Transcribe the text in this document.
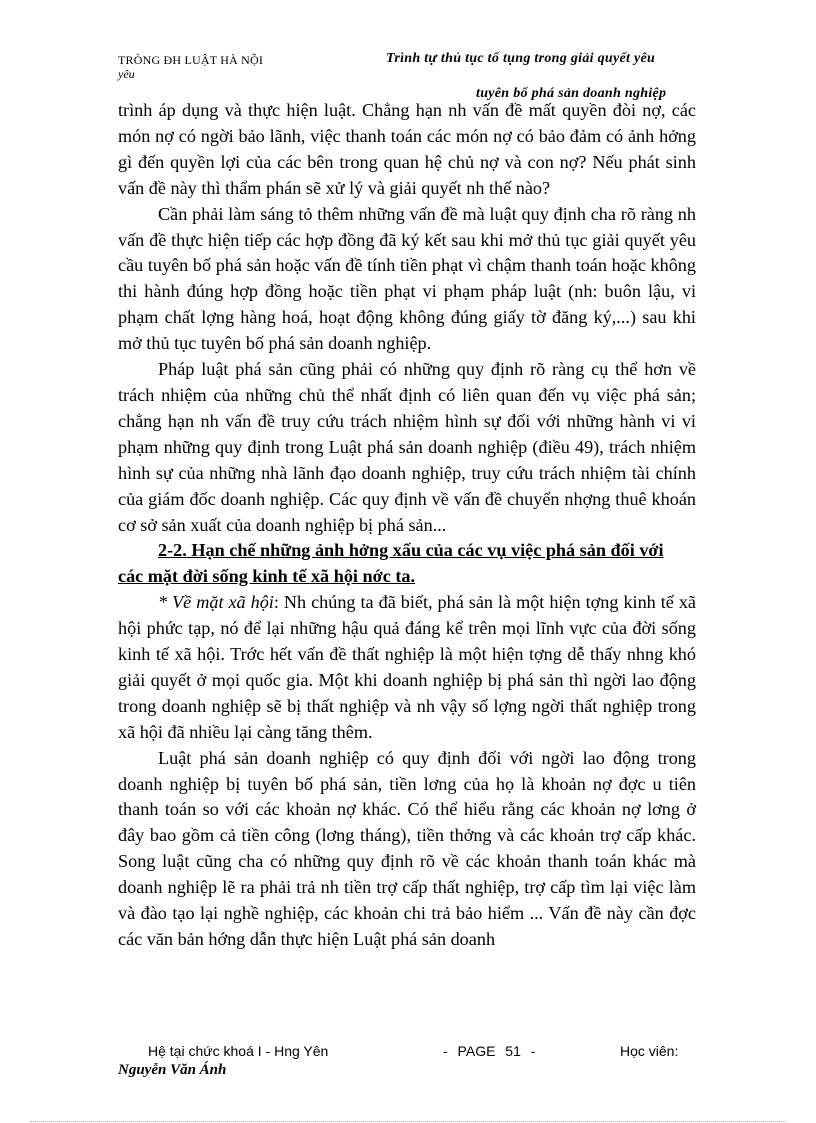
TRÒNG ĐH LUẬT HÀ NỘI
yêu
Trình tự thủ tục tố tụng trong giải quyết yêu
tuyên bố phá sản doanh nghiệp

trình áp dụng và thực hiện luật. Chẳng hạn nh vấn đề mất quyền đòi nợ, các món nợ có ngời bảo lãnh, việc thanh toán các món nợ có bảo đảm có ảnh hởng gì đến quyền lợi của các bên trong quan hệ chủ nợ và con nợ? Nếu phát sinh vấn đề này thì thẩm phán sẽ xử lý và giải quyết nh thế nào?

Cần phải làm sáng tỏ thêm những vấn đề mà luật quy định cha rõ ràng nh vấn đề thực hiện tiếp các hợp đồng đã ký kết sau khi mở thủ tục giải quyết yêu cầu tuyên bố phá sản hoặc vấn đề tính tiền phạt vì chậm thanh toán hoặc không thi hành đúng hợp đồng hoặc tiền phạt vi phạm pháp luật (nh: buôn lậu, vi phạm chất lợng hàng hoá, hoạt động không đúng giấy tờ đăng ký,...) sau khi mở thủ tục tuyên bố phá sản doanh nghiệp.

Pháp luật phá sản cũng phải có những quy định rõ ràng cụ thể hơn về trách nhiệm của những chủ thể nhất định có liên quan đến vụ việc phá sản; chẳng hạn nh vấn đề truy cứu trách nhiệm hình sự đối với những hành vi vi phạm những quy định trong Luật phá sản doanh nghiệp (điều 49), trách nhiệm hình sự của những nhà lãnh đạo doanh nghiệp, truy cứu trách nhiệm tài chính của giám đốc doanh nghiệp. Các quy định về vấn đề chuyển nhợng thuê khoán cơ sở sản xuất của doanh nghiệp bị phá sản...

2-2. Hạn chế những ảnh hởng xấu của các vụ việc phá sản đối với

các mặt đời sống kinh tế xã hội nớc ta.

* Về mặt xã hội: Nh chúng ta đã biết, phá sản là một hiện tợng kinh tế xã hội phức tạp, nó để lại những hậu quả đáng kể trên mọi lĩnh vực của đời sống kinh tế xã hội. Trớc hết vấn đề thất nghiệp là một hiện tợng dễ thấy nhng khó giải quyết ở mọi quốc gia. Một khi doanh nghiệp bị phá sản thì ngời lao động trong doanh nghiệp sẽ bị thất nghiệp và nh vậy số lợng ngời thất nghiệp trong xã hội đã nhiều lại càng tăng thêm.

Luật phá sản doanh nghiệp có quy định đối với ngời lao động trong doanh nghiệp bị tuyên bố phá sản, tiền lơng của họ là khoản nợ đợc u tiên thanh toán so với các khoản nợ khác. Có thể hiểu rằng các khoản nợ lơng ở đây bao gồm cả tiền công (lơng tháng), tiền thởng và các khoản trợ cấp khác. Song luật cũng cha có những quy định rõ về các khoản thanh toán khác mà doanh nghiệp lẽ ra phải trả nh tiền trợ cấp thất nghiệp, trợ cấp tìm lại việc làm và đào tạo lại nghề nghiệp, các khoản chi trả bảo hiểm ... Vấn đề này cần đợc các văn bản hớng dẫn thực hiện Luật phá sản doanh

Hệ tại chức khoá I - Hng Yên	- PAGE 51 -	Học viên:
Nguyễn Văn Ánh
